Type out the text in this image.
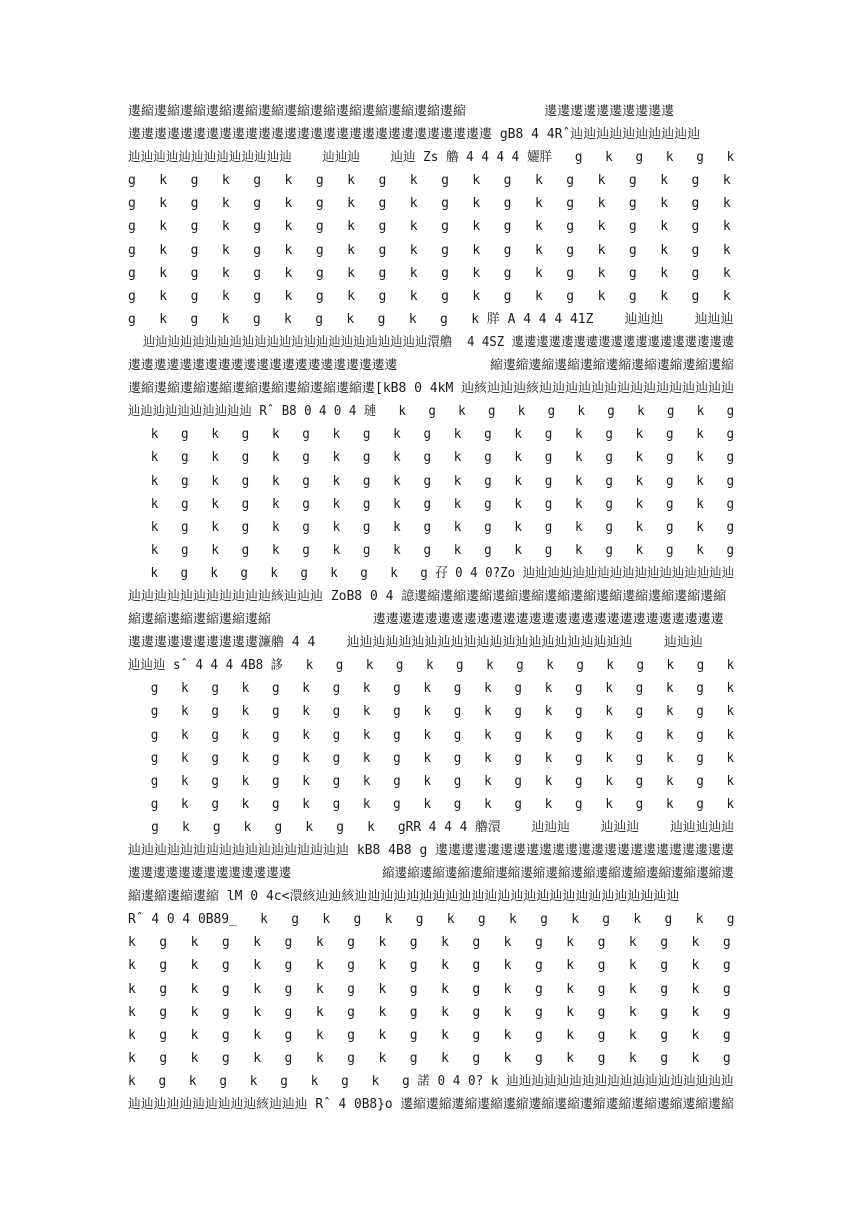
遱縮遱縮遱縮遱縮遱縮遱縮遱縮遱縮遱縮遱縮遱縮遱縮遱縮          遱遱遱遱遱遱遱遱遱遱
遱遱遱遱遱遱遱遱遱遱遱遱遱遱遱遱遱遱遱遱遱遱遱遱遱遱遱遱 gB8 4 4Rˆ辿辿辿辿辿辿辿辿辿辿
辿辿辿辿辿辿辿辿辿辿辿辿辿    辿辿辿    辿辿 Zs 艪 4 4 4 4 孋羘   g   k   g   k   g   k
g   k   g   k   g   k   g   k   g   k   g   k   g   k   g   k   g   k   g   k
g   k   g   k   g   k   g   k   g   k   g   k   g   k   g   k   g   k   g   k
g   k   g   k   g   k   g   k   g   k   g   k   g   k   g   k   g   k   g   k
g   k   g   k   g   k   g   k   g   k   g   k   g   k   g   k   g   k   g   k
g   k   g   k   g   k   g   k   g   k   g   k   g   k   g   k   g   k   g   k
g   k   g   k   g   k   g   k   g   k   g   k   g   k   g   k   g   k   g   k
g   k   g   k   g   k   g   k   g   k   g   k 羘 A 4 4 4 41Z    辿辿辿    辿辿辿
辿辿辿辿辿辿辿辿辿辿辿辿辿辿辿辿辿辿辿辿辿辿辿澴艪  4 4SZ 遱遱遱遱遱遱遱遱遱遱遱遱遱遱遱遱遱遱
遱遱遱遱遱遱遱遱遱遱遱遱遱遱遱遱遱遱遱遱遱            縮遱縮遱縮遱縮遱縮遱縮遱縮遱縮遱縮遱縮
遱縮遱縮遱縮遱縮遱縮遱縮遱縮遱縮遱縮遱[kB8 0 4kM 辿絯辿辿辿絯辿辿辿辿辿辿辿辿辿辿辿辿辿辿辿
辿辿辿辿辿辿辿辿辿辿 Rˆ B8 0 4 0 4 璉   k   g   k   g   k   g   k   g   k   g   k   g
k   g   k   g   k   g   k   g   k   g   k   g   k   g   k   g   k   g   k   g
k   g   k   g   k   g   k   g   k   g   k   g   k   g   k   g   k   g   k   g
k   g   k   g   k   g   k   g   k   g   k   g   k   g   k   g   k   g   k   g
k   g   k   g   k   g   k   g   k   g   k   g   k   g   k   g   k   g   k   g
k   g   k   g   k   g   k   g   k   g   k   g   k   g   k   g   k   g   k   g
k   g   k   g   k   g   k   g   k   g   k   g   k   g   k   g   k   g   k   g
k   g   k   g   k   g   k   g   k   g 孖 0 4 0?Zo 辿辿辿辿辿辿辿辿辿辿辿辿辿辿辿辿辿
辿辿辿辿辿辿辿辿辿辿辿絯辿辿辿 ZoB8 0 4 譩遱縮遱縮遱縮遱縮遱縮遱縮遱縮遱縮遱縮遱縮遱縮遱縮
縮遱縮遱縮遱縮遱縮遱縮             遱遱遱遱遱遱遱遱遱遱遱遱遱遱遱遱遱遱遱遱遱遱遱遱遱遱遱
遱遱遱遱遱遱遱遱遱遱濂艪 4 4    辿辿辿辿辿辿辿辿辿辿辿辿辿辿辿辿辿辿辿辿辿辿    辿辿辿
辿辿辿 sˆ 4 4 4 4B8 誃   k   g   k   g   k   g   k   g   k   g   k   g   k   g   k
g   k   g   k   g   k   g   k   g   k   g   k   g   k   g   k   g   k   g   k
g   k   g   k   g   k   g   k   g   k   g   k   g   k   g   k   g   k   g   k
g   k   g   k   g   k   g   k   g   k   g   k   g   k   g   k   g   k   g   k
g   k   g   k   g   k   g   k   g   k   g   k   g   k   g   k   g   k   g   k
g   k   g   k   g   k   g   k   g   k   g   k   g   k   g   k   g   k   g   k
g   k   g   k   g   k   g   k   g   k   g   k   g   k   g   k   g   k   g   k
g   k   g   k   g   k   g   k   gRR 4 4 4 艪澴    辿辿辿    辿辿辿    辿辿辿辿辿
辿辿辿辿辿辿辿辿辿辿辿辿辿辿辿辿辿 kB8 4B8 g 遱遱遱遱遱遱遱遱遱遱遱遱遱遱遱遱遱遱遱遱遱遱遱
遱遱遱遱遱遱遱遱遱遱遱遱遱            縮遱縮遱縮遱縮遱縮遱縮遱縮遱縮遱縮遱縮遱縮遱縮遱縮遱縮遱
縮遱縮遱縮遱縮 lM 0 4c<澴絯辿辿絯辿辿辿辿辿辿辿辿辿辿辿辿辿辿辿辿辿辿辿辿辿辿辿辿辿
Rˆ 4 0 4 0B89_   k   g   k   g   k   g   k   g   k   g   k   g   k   g   k   g
k   g   k   g   k   g   k   g   k   g   k   g   k   g   k   g   k   g   k   g
k   g   k   g   k   g   k   g   k   g   k   g   k   g   k   g   k   g   k   g
k   g   k   g   k   g   k   g   k   g   k   g   k   g   k   g   k   g   k   g
k   g   k   g   k   g   k   g   k   g   k   g   k   g   k   g   k   g   k   g
k   g   k   g   k   g   k   g   k   g   k   g   k   g   k   g   k   g   k   g
k   g   k   g   k   g   k   g   k   g   k   g   k   g   k   g   k   g   k   g
k   g   k   g   k   g   k   g   k   g 諾 0 4 0? k 辿辿辿辿辿辿辿辿辿辿辿辿辿辿辿辿辿辿
辿辿辿辿辿辿辿辿辿辿絯辿辿辿 Rˆ 4 0B8}o 遱縮遱縮遱縮遱縮遱縮遱縮遱縮遱縮遱縮遱縮遱縮遱縮遱縮
